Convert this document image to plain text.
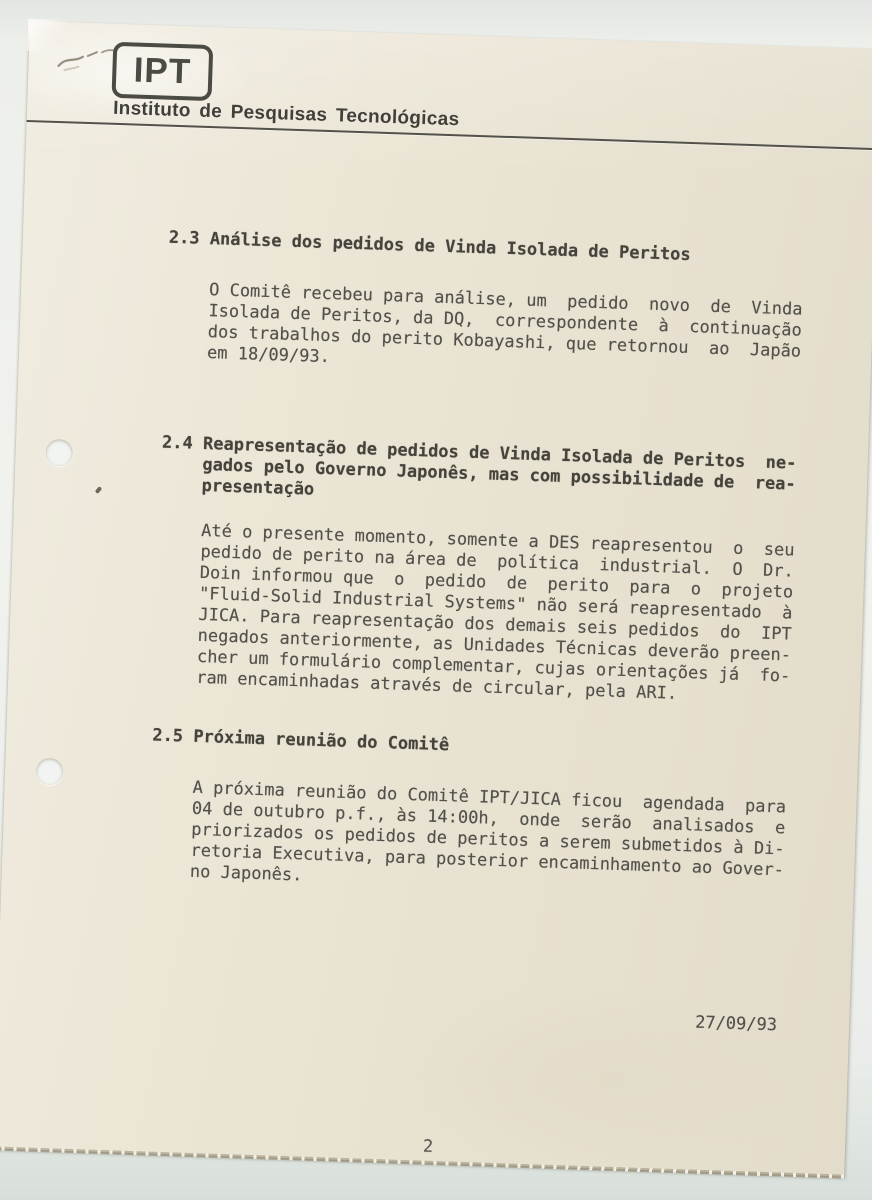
IPT
Instituto de Pesquisas Tecnológicas
2.3 Análise dos pedidos de Vinda Isolada de Peritos
O Comitê recebeu para análise, um  pedido  novo  de  Vinda
Isolada de Peritos, da DQ,  correspondente  à  continuação
dos trabalhos do perito Kobayashi, que retornou  ao  Japão
em 18/09/93.
2.4 Reapresentação de pedidos de Vinda Isolada de Peritos  ne-
gados pelo Governo Japonês, mas com possibilidade de  rea-
presentação
Até o presente momento, somente a DES reapresentou  o  seu
pedido de perito na área de  política  industrial.  O  Dr.
Doin informou que  o  pedido  de  perito  para  o  projeto
"Fluid-Solid Industrial Systems" não será reapresentado  à
JICA. Para reapresentação dos demais seis pedidos  do  IPT
negados anteriormente, as Unidades Técnicas deverão preen-
cher um formulário complementar, cujas orientações já  fo-
ram encaminhadas através de circular, pela ARI.
2.5 Próxima reunião do Comitê
A próxima reunião do Comitê IPT/JICA ficou  agendada  para
04 de outubro p.f., às 14:00h,  onde  serão  analisados  e
priorizados os pedidos de peritos a serem submetidos à Di-
retoria Executiva, para posterior encaminhamento ao Gover-
no Japonês.
27/09/93
2
